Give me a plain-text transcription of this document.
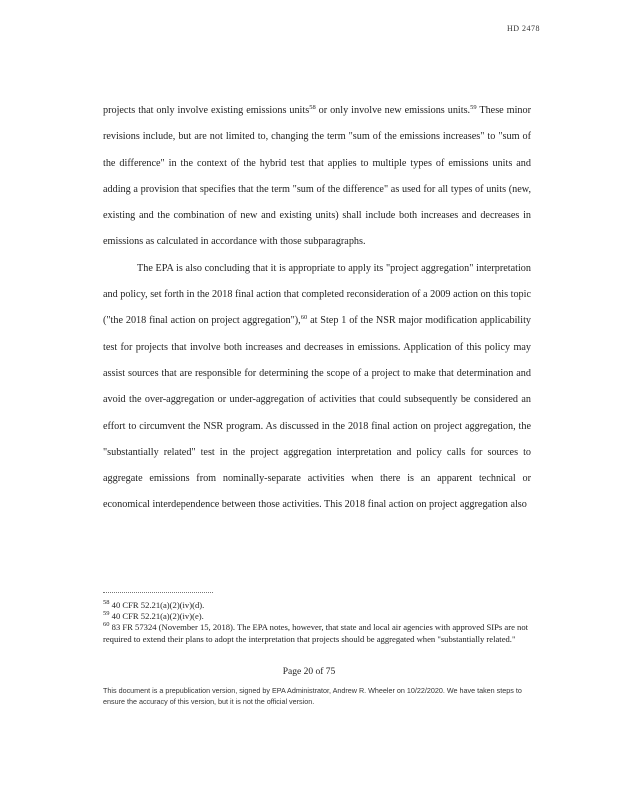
HD 2478

projects that only involve existing emissions units$^{58}$ or only involve new emissions units.$^{59}$ These minor revisions include, but are not limited to, changing the term "sum of the emissions increases" to "sum of the difference" in the context of the hybrid test that applies to multiple types of emissions units and adding a provision that specifies that the term "sum of the difference" as used for all types of units (new, existing and the combination of new and existing units) shall include both increases and decreases in emissions as calculated in accordance with those subparagraphs.

The EPA is also concluding that it is appropriate to apply its "project aggregation" interpretation and policy, set forth in the 2018 final action that completed reconsideration of a 2009 action on this topic ("the 2018 final action on project aggregation"),$^{60}$ at Step 1 of the NSR major modification applicability test for projects that involve both increases and decreases in emissions. Application of this policy may assist sources that are responsible for determining the scope of a project to make that determination and avoid the over-aggregation or under-aggregation of activities that could subsequently be considered an effort to circumvent the NSR program. As discussed in the 2018 final action on project aggregation, the "substantially related" test in the project aggregation interpretation and policy calls for sources to aggregate emissions from nominally-separate activities when there is an apparent technical or economical interdependence between those activities. This 2018 final action on project aggregation also

$^{58}$ 40 CFR 52.21(a)(2)(iv)(d).

$^{59}$ 40 CFR 52.21(a)(2)(iv)(e).

$^{60}$ 83 FR 57324 (November 15, 2018). The EPA notes, however, that state and local air agencies with approved SIPs are not required to extend their plans to adopt the interpretation that projects should be aggregated when "substantially related."

Page 20 of 75
This document is a prepublication version, signed by EPA Administrator, Andrew R. Wheeler on 10/22/2020. We have taken steps to ensure the accuracy of this version, but it is not the official version.
